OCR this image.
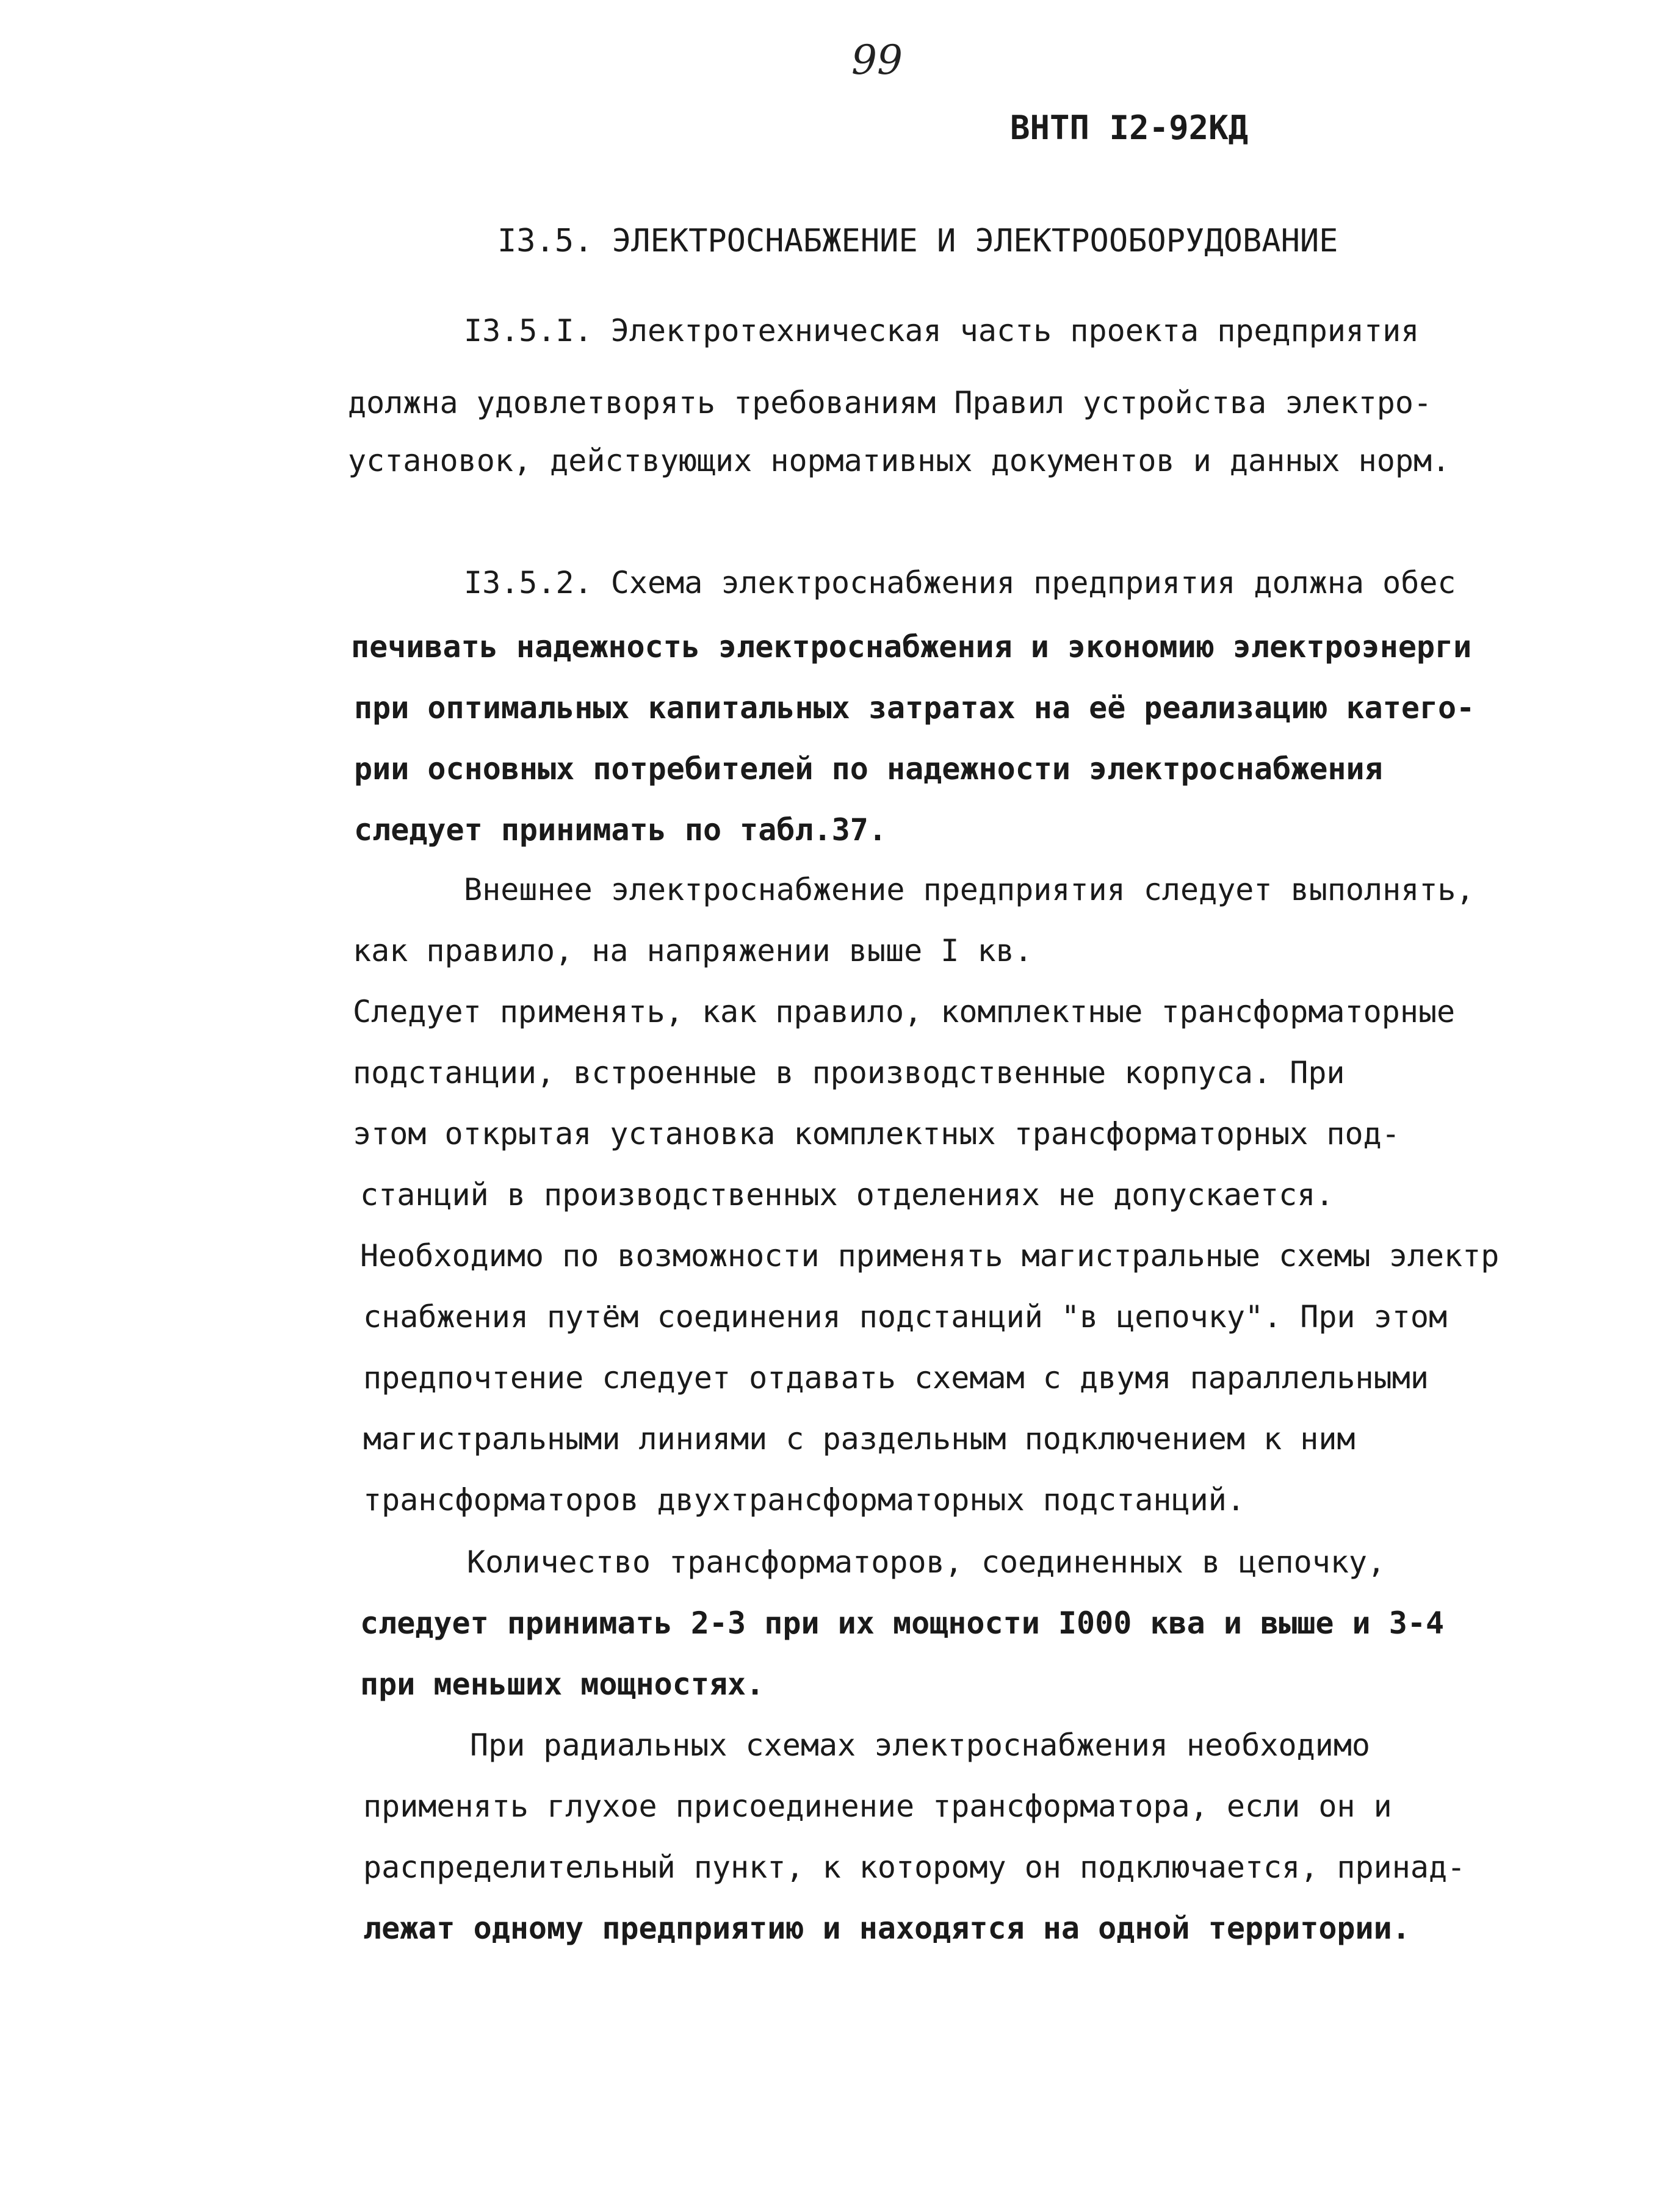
99
ВНТП I2-92КД
I3.5. ЭЛЕКТРОСНАБЖЕНИЕ И ЭЛЕКТРООБОРУДОВАНИЕ

I3.5.I. Электротехническая часть проекта предприятия

должна удовлетворять требованиям Правил устройства электро-

установок, действующих нормативных документов и данных норм.

I3.5.2. Схема электроснабжения предприятия должна обес

печивать надежность электроснабжения и экономию электроэнерги

при оптимальных капитальных затратах на её реализацию катего-

рии основных потребителей по надежности электроснабжения

следует принимать по табл.37.

Внешнее электроснабжение предприятия следует выполнять,

как правило, на напряжении выше I кв.

Следует применять, как правило, комплектные трансформаторные

подстанции, встроенные в производственные корпуса. При

этом открытая установка комплектных трансформаторных под-

станций в производственных отделениях не допускается.

Необходимо по возможности применять магистральные схемы электр

снабжения путём соединения подстанций "в цепочку". При этом

предпочтение следует отдавать схемам с двумя параллельными

магистральными линиями с раздельным подключением к ним

трансформаторов двухтрансформаторных подстанций.

Количество трансформаторов, соединенных в цепочку,

следует принимать 2-3 при их мощности I000 ква и выше и 3-4

при меньших мощностях.

При радиальных схемах электроснабжения необходимо

применять глухое присоединение трансформатора, если он и

распределительный пункт, к которому он подключается, принад-

лежат одному предприятию и находятся на одной территории.
